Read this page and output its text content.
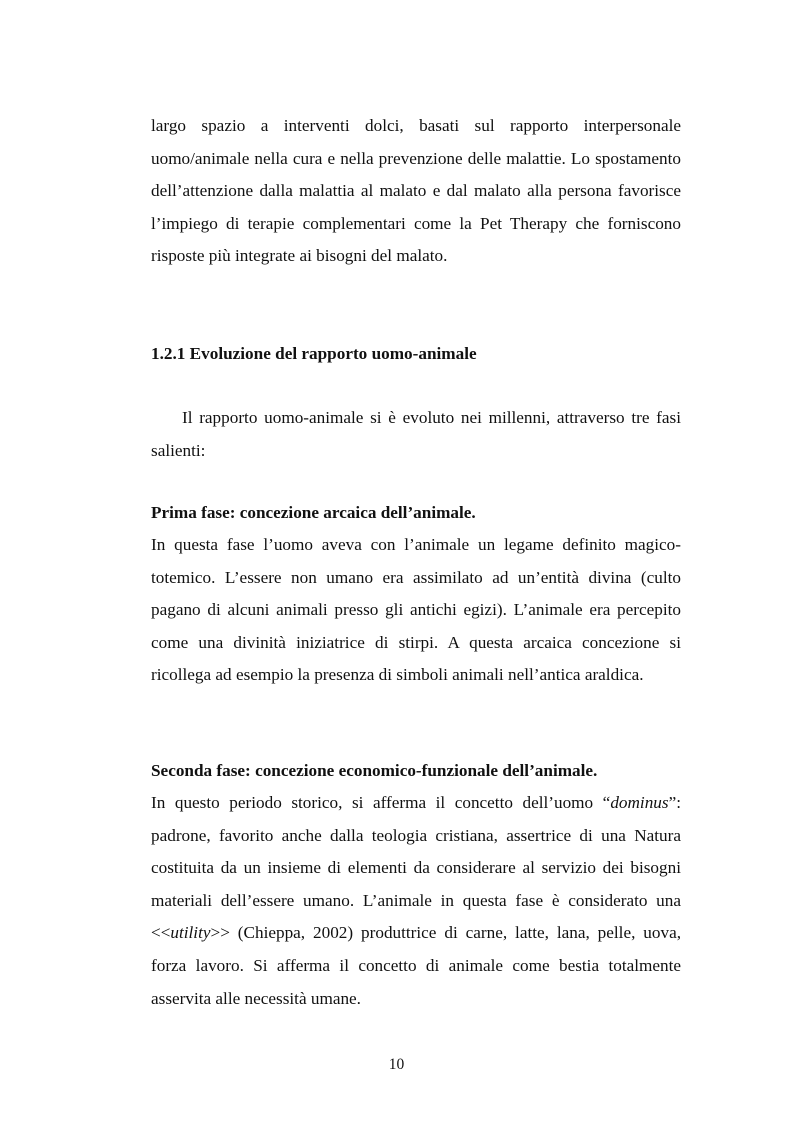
largo spazio a interventi dolci, basati sul rapporto interpersonale uomo/animale nella cura e nella prevenzione delle malattie. Lo spostamento dell’attenzione dalla malattia al malato e dal malato alla persona favorisce l’impiego di terapie complementari come la Pet Therapy che forniscono risposte più integrate ai bisogni del malato.

1.2.1 Evoluzione del rapporto uomo-animale

Il rapporto uomo-animale si è evoluto nei millenni, attraverso tre fasi salienti:

Prima fase: concezione arcaica dell’animale.

In questa fase l’uomo aveva con l’animale un legame definito magico-totemico. L’essere non umano era assimilato ad un’entità divina (culto pagano di alcuni animali presso gli antichi egizi). L’animale era percepito come una divinità iniziatrice di stirpi. A questa arcaica concezione si ricollega ad esempio la presenza di simboli animali nell’antica araldica.

Seconda fase: concezione economico-funzionale dell’animale.

In questo periodo storico, si afferma il concetto dell’uomo “dominus”: padrone, favorito anche dalla teologia cristiana, assertrice di una Natura costituita da un insieme di elementi da considerare al servizio dei bisogni materiali dell’essere umano. L’animale in questa fase è considerato una <<utility>> (Chieppa, 2002) produttrice di carne, latte, lana, pelle, uova, forza lavoro. Si afferma il concetto di animale come bestia totalmente asservita alle necessità umane.

10
